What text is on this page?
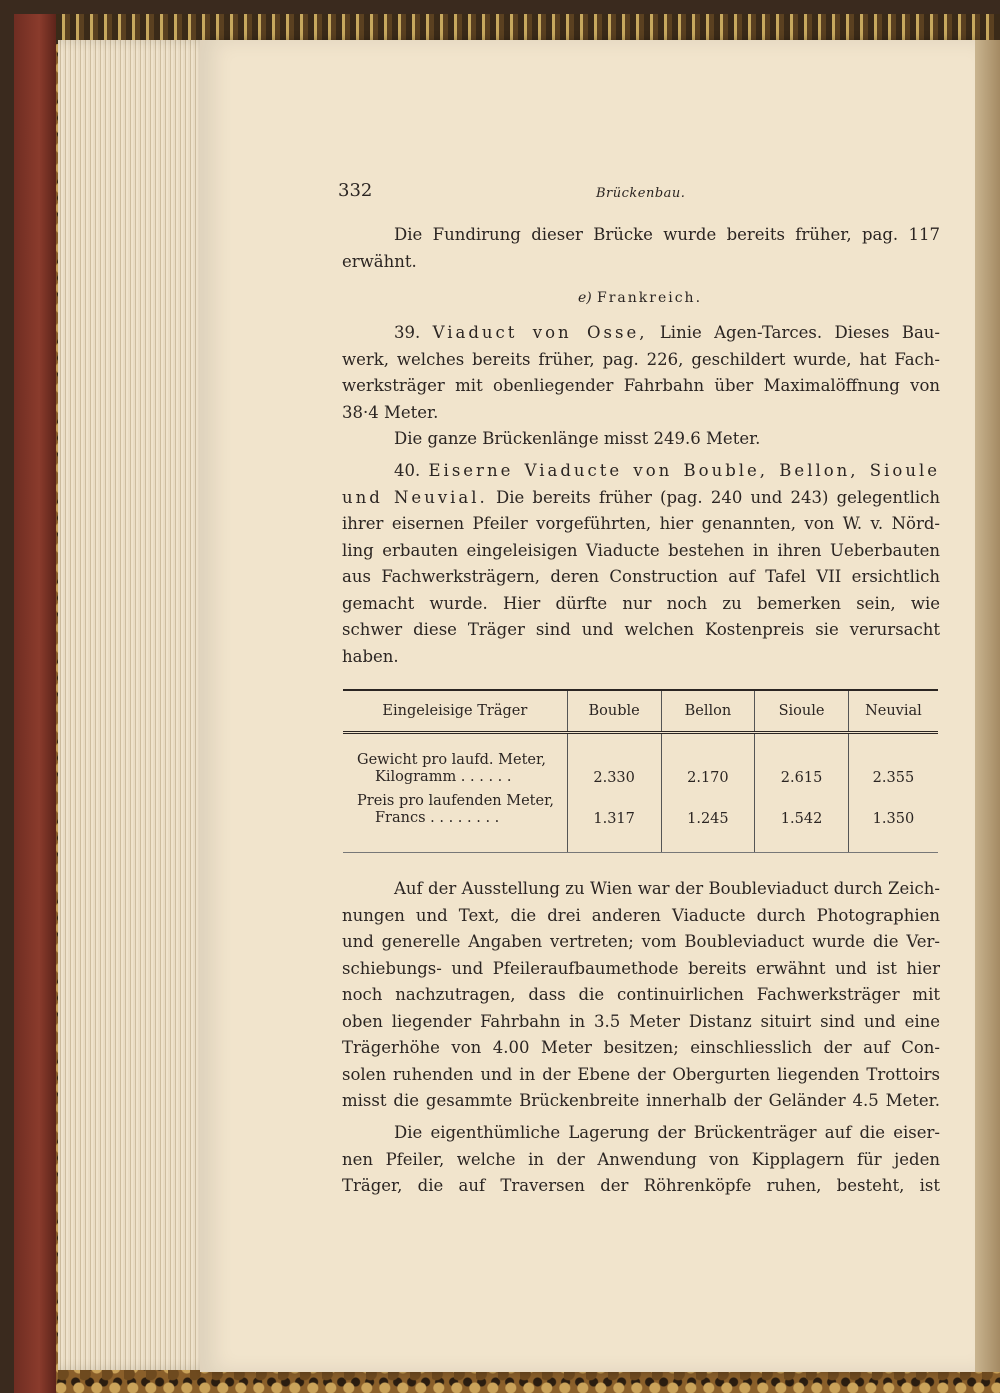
332	Brückenbau.
Die Fundirung dieser Brücke wurde bereits früher, pag. 117
erwähnt.
e) Frankreich.
39. Viaduct von Osse, Linie Agen-Tarces. Dieses Bau-
werk, welches bereits früher, pag. 226, geschildert wurde, hat Fach-
werksträger mit obenliegender Fahrbahn über Maximalöffnung von
38·4 Meter.
Die ganze Brückenlänge misst 249.6 Meter.
40. Eiserne Viaducte von Bouble, Bellon, Sioule
und Neuvial. Die bereits früher (pag. 240 und 243) gelegentlich
ihrer eisernen Pfeiler vorgeführten, hier genannten, von W. v. Nörd-
ling erbauten eingeleisigen Viaducte bestehen in ihren Ueberbauten
aus Fachwerksträgern, deren Construction auf Tafel VII ersichtlich
gemacht wurde. Hier dürfte nur noch zu bemerken sein, wie
schwer diese Träger sind und welchen Kostenpreis sie verursacht
haben.
Eingeleisige Träger	Bouble	Bellon	Sioule	Neuvial
Gewicht pro laufd. Meter,
Kilogramm . . . . . .	2.330	2.170	2.615	2.355
Preis pro laufenden Meter,
Francs . . . . . . . .	1.317	1.245	1.542	1.350

Auf der Ausstellung zu Wien war der Boubleviaduct durch Zeich-
nungen und Text, die drei anderen Viaducte durch Photographien
und generelle Angaben vertreten; vom Boubleviaduct wurde die Ver-
schiebungs- und Pfeileraufbaumethode bereits erwähnt und ist hier
noch nachzutragen, dass die continuirlichen Fachwerksträger mit
oben liegender Fahrbahn in 3.5 Meter Distanz situirt sind und eine
Trägerhöhe von 4.00 Meter besitzen; einschliesslich der auf Con-
solen ruhenden und in der Ebene der Obergurten liegenden Trottoirs
misst die gesammte Brückenbreite innerhalb der Geländer 4.5 Meter.
Die eigenthümliche Lagerung der Brückenträger auf die eiser-
nen Pfeiler, welche in der Anwendung von Kipplagern für jeden
Träger, die auf Traversen der Röhrenköpfe ruhen, besteht, ist
